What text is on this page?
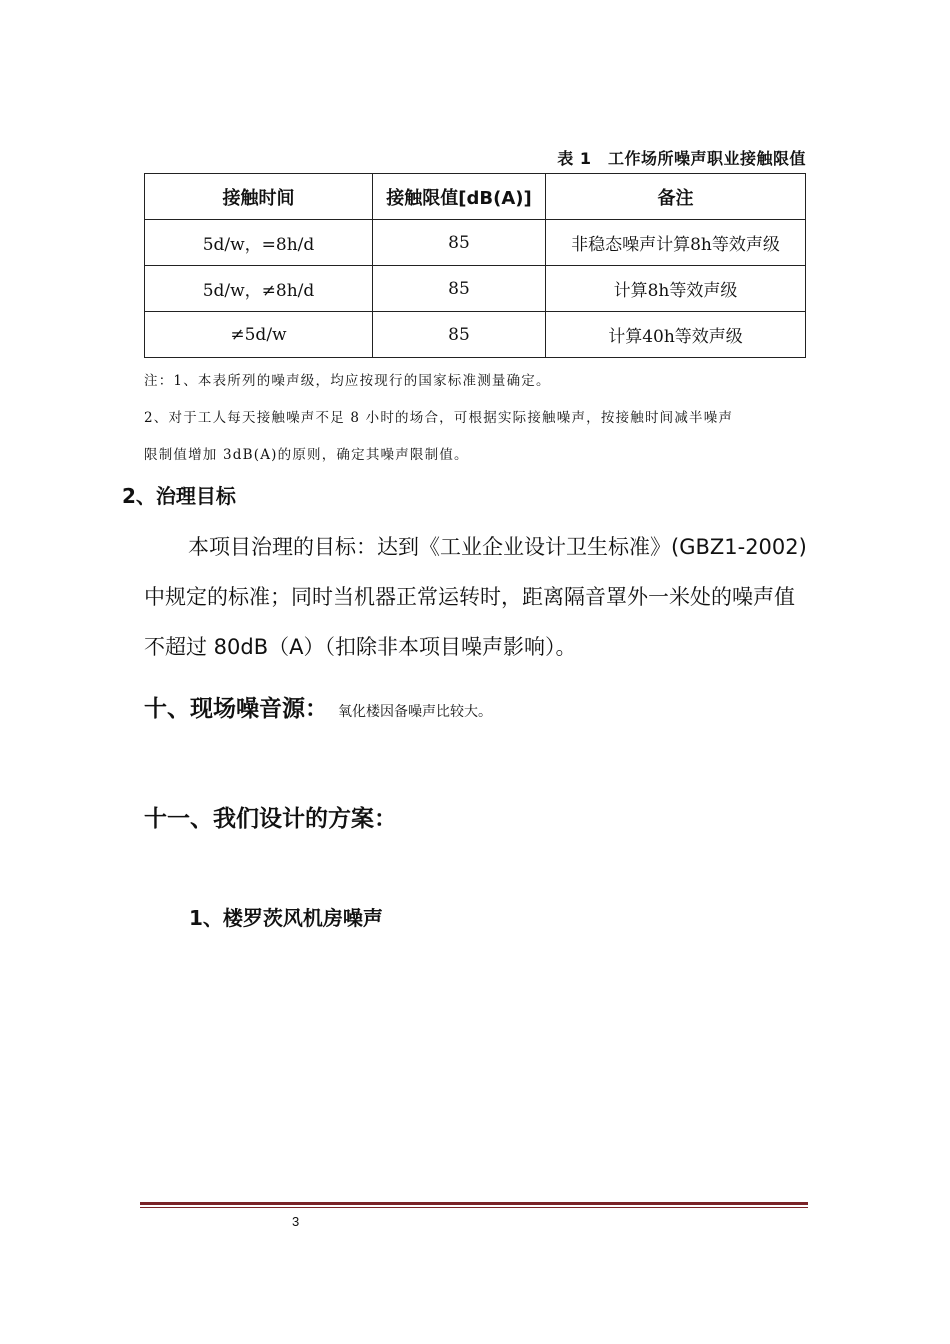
表 1　工作场所噪声职业接触限值
接触时间	接触限值[dB(A)]	备注
5d/w，=8h/d	85	非稳态噪声计算8h等效声级
5d/w，≠8h/d	85	计算8h等效声级
≠5d/w	85	计算40h等效声级
注：1、本表所列的噪声级，均应按现行的国家标准测量确定。
2、对于工人每天接触噪声不足 8 小时的场合，可根据实际接触噪声，按接触时间减半噪声
限制值增加 3dB(A)的原则，确定其噪声限制值。
2、治理目标
本项目治理的目标：达到《工业企业设计卫生标准》(GBZ1-2002)中规定的标准；同时当机器正常运转时，距离隔音罩外一米处的噪声值不超过 80dB（A）（扣除非本项目噪声影响）。
十、现场噪音源： 氧化楼因备噪声比较大。
十一、我们设计的方案：
1、楼罗茨风机房噪声
3
